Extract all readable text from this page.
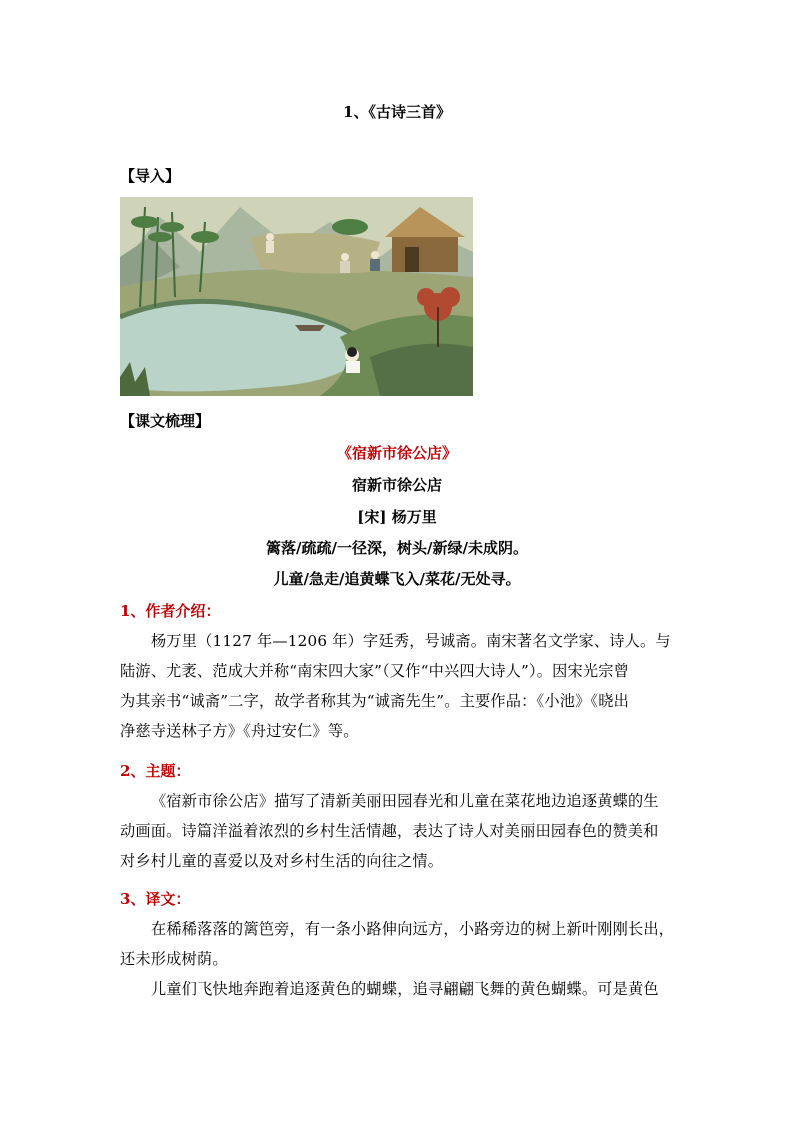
1、《古诗三首》
【导入】
【课文梳理】
《宿新市徐公店》
宿新市徐公店
[宋] 杨万里
篱落/疏疏/一径深，树头/新绿/未成阴。
儿童/急走/追黄蝶飞入/菜花/无处寻。
1、作者介绍：
杨万里（1127 年—1206 年）字廷秀，号诚斋。南宋著名文学家、诗人。与
陆游、尤袤、范成大并称“南宋四大家”（又作“中兴四大诗人”）。因宋光宗曾
为其亲书“诚斋”二字，故学者称其为“诚斋先生”。主要作品：《小池》《晓出
净慈寺送林子方》《舟过安仁》等。
2、主题：
《宿新市徐公店》描写了清新美丽田园春光和儿童在菜花地边追逐黄蝶的生
动画面。诗篇洋溢着浓烈的乡村生活情趣，表达了诗人对美丽田园春色的赞美和
对乡村儿童的喜爱以及对乡村生活的向往之情。
3、译文：
在稀稀落落的篱笆旁，有一条小路伸向远方，小路旁边的树上新叶刚刚长出，
还未形成树荫。
儿童们飞快地奔跑着追逐黄色的蝴蝶，追寻翩翩飞舞的黄色蝴蝶。可是黄色
